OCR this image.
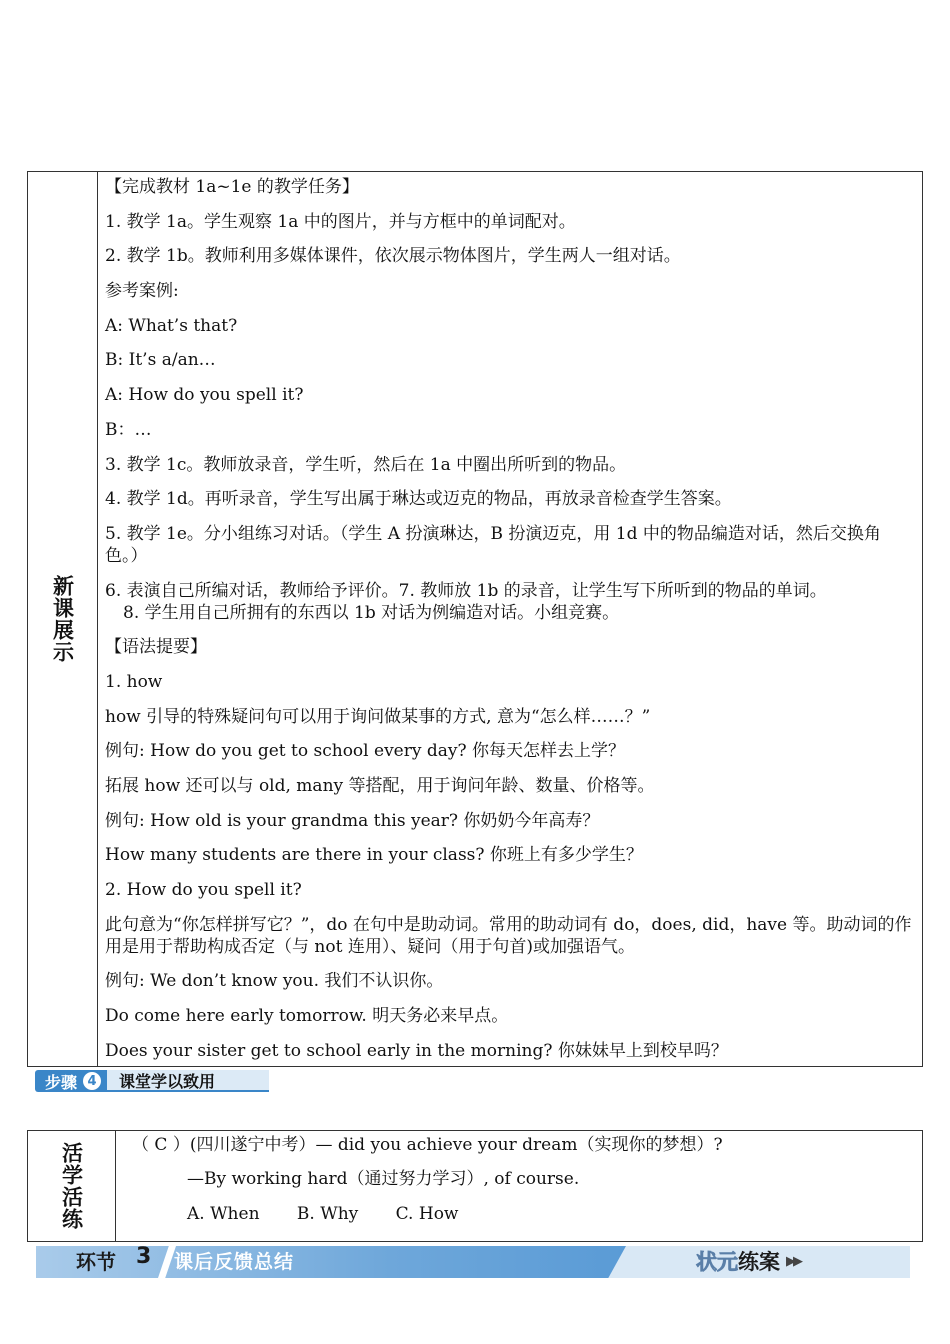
新课展示
【完成教材 1a~1e 的教学任务】
1. 教学 1a。学生观察 1a 中的图片，并与方框中的单词配对。
2. 教学 1b。教师利用多媒体课件，依次展示物体图片，学生两人一组对话。
参考案例:
A: What’s that?
B: It’s a/an…
A: How do you spell it?
B：…
3. 教学 1c。教师放录音，学生听，然后在 1a 中圈出所听到的物品。
4. 教学 1d。再听录音，学生写出属于琳达或迈克的物品，再放录音检查学生答案。
5. 教学 1e。分小组练习对话。（学生 A 扮演琳达，B 扮演迈克，用 1d 中的物品编造对话，然后交换角色。）
6. 表演自己所编对话，教师给予评价。7. 教师放 1b 的录音，让学生写下所听到的物品的单词。
8. 学生用自己所拥有的东西以 1b 对话为例编造对话。小组竞赛。
【语法提要】
1. how
how 引导的特殊疑问句可以用于询问做某事的方式, 意为“怎么样……？”
例句: How do you get to school every day? 你每天怎样去上学？
拓展 how 还可以与 old, many 等搭配，用于询问年龄、数量、价格等。
例句: How old is your grandma this year? 你奶奶今年高寿？
How many students are there in your class? 你班上有多少学生？
2. How do you spell it?
此句意为“你怎样拼写它？”，do 在句中是助动词。常用的助动词有 do，does, did，have 等。助动词的作用是用于帮助构成否定（与 not 连用）、疑问（用于句首)或加强语气。
例句: We don’t know you. 我们不认识你。
Do come here early tomorrow. 明天务必来早点。
Does your sister get to school early in the morning? 你妹妹早上到校早吗？
步骤 4	课堂学以致用
活学活练	（ C ）(四川遂宁中考）— did you achieve your dream（实现你的梦想）?
—By working hard（通过努力学习）, of course.
A. When B. Why C. How
环节 3 课后反馈总结	状元练案 ▶▶
